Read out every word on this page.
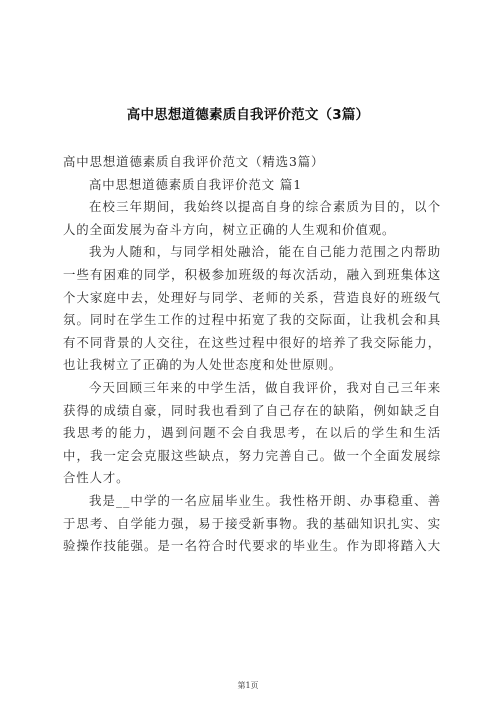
高中思想道德素质自我评价范文（3篇）
高中思想道德素质自我评价范文（精选3篇）
高中思想道德素质自我评价范文 篇1
在校三年期间，我始终以提高自身的综合素质为目的，以个
人的全面发展为奋斗方向，树立正确的人生观和价值观。
我为人随和，与同学相处融洽，能在自己能力范围之内帮助
一些有困难的同学，积极参加班级的每次活动，融入到班集体这
个大家庭中去，处理好与同学、老师的关系，营造良好的班级气
氛。同时在学生工作的过程中拓宽了我的交际面，让我机会和具
有不同背景的人交往，在这些过程中很好的培养了我交际能力，
也让我树立了正确的为人处世态度和处世原则。
今天回顾三年来的中学生活，做自我评价，我对自己三年来
获得的成绩自豪，同时我也看到了自己存在的缺陷，例如缺乏自
我思考的能力，遇到问题不会自我思考，在以后的学生和生活
中，我一定会克服这些缺点，努力完善自己。做一个全面发展综
合性人才。
我是__中学的一名应届毕业生。我性格开朗、办事稳重、善
于思考、自学能力强，易于接受新事物。我的基础知识扎实、实
验操作技能强。是一名符合时代要求的毕业生。作为即将踏入大
第1页
